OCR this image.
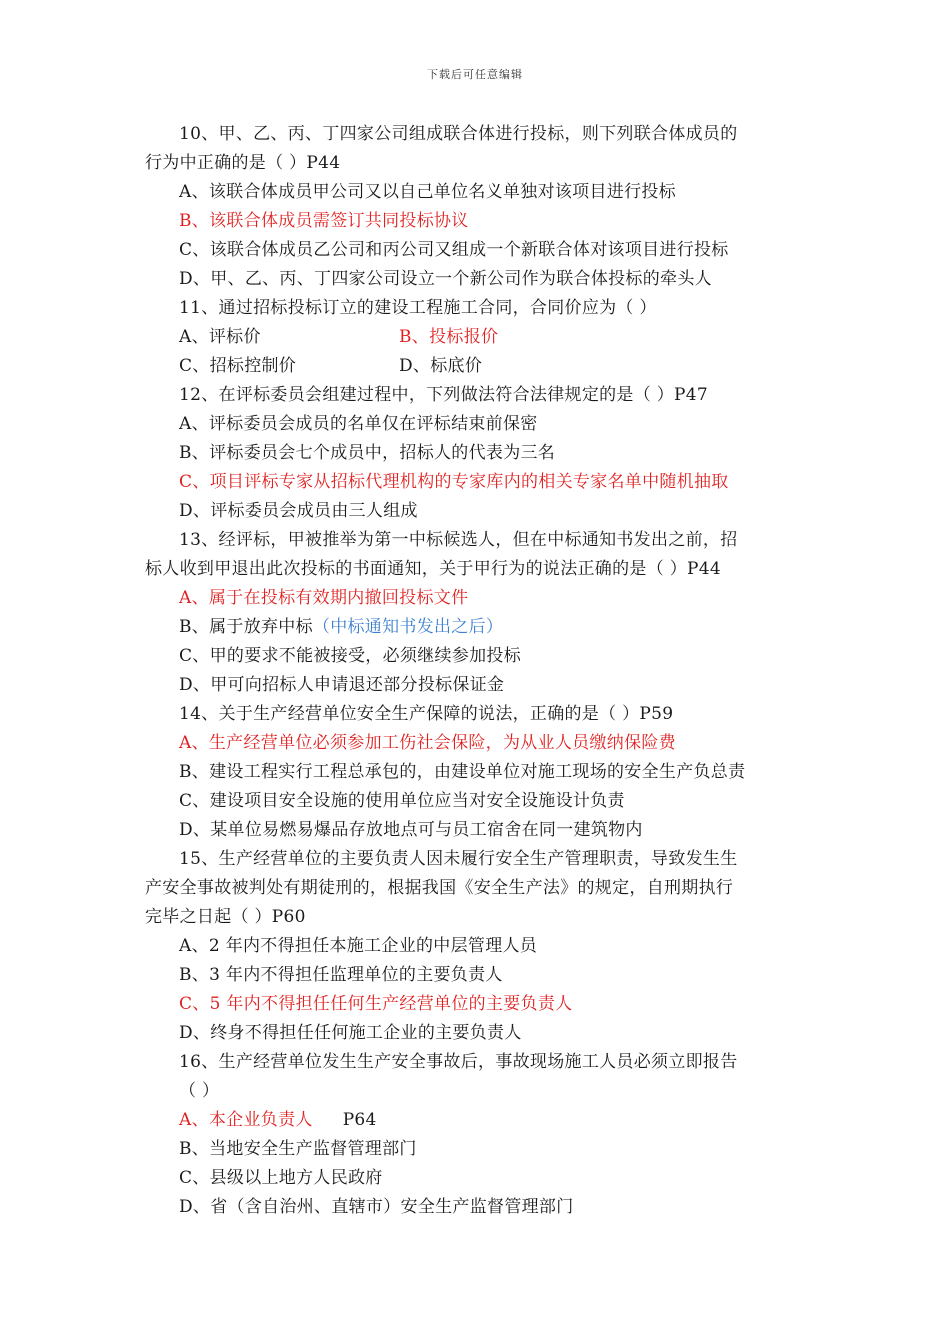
下载后可任意编辑
10、甲、乙、丙、丁四家公司组成联合体进行投标，则下列联合体成员的
行为中正确的是（ ）P44
A、该联合体成员甲公司又以自己单位名义单独对该项目进行投标
B、该联合体成员需签订共同投标协议
C、该联合体成员乙公司和丙公司又组成一个新联合体对该项目进行投标
D、甲、乙、丙、丁四家公司设立一个新公司作为联合体投标的牵头人
11、通过招标投标订立的建设工程施工合同，合同价应为（ ）
A、评标价	B、投标报价
C、招标控制价	D、标底价
12、在评标委员会组建过程中，下列做法符合法律规定的是（ ）P47
A、评标委员会成员的名单仅在评标结束前保密
B、评标委员会七个成员中，招标人的代表为三名
C、项目评标专家从招标代理机构的专家库内的相关专家名单中随机抽取
D、评标委员会成员由三人组成
13、经评标，甲被推举为第一中标候选人，但在中标通知书发出之前，招
标人收到甲退出此次投标的书面通知，关于甲行为的说法正确的是（ ）P44
A、属于在投标有效期内撤回投标文件
B、属于放弃中标（中标通知书发出之后）
C、甲的要求不能被接受，必须继续参加投标
D、甲可向招标人申请退还部分投标保证金
14、关于生产经营单位安全生产保障的说法，正确的是（ ）P59
A、生产经营单位必须参加工伤社会保险，为从业人员缴纳保险费
B、建设工程实行工程总承包的，由建设单位对施工现场的安全生产负总责
C、建设项目安全设施的使用单位应当对安全设施设计负责
D、某单位易燃易爆品存放地点可与员工宿舍在同一建筑物内
15、生产经营单位的主要负责人因未履行安全生产管理职责，导致发生生
产安全事故被判处有期徒刑的，根据我国《安全生产法》的规定，自刑期执行
完毕之日起（ ）P60
A、2 年内不得担任本施工企业的中层管理人员
B、3 年内不得担任监理单位的主要负责人
C、5 年内不得担任任何生产经营单位的主要负责人
D、终身不得担任任何施工企业的主要负责人
16、生产经营单位发生生产安全事故后，事故现场施工人员必须立即报告
（ ）
A、本企业负责人 P64
B、当地安全生产监督管理部门
C、县级以上地方人民政府
D、省（含自治州、直辖市）安全生产监督管理部门
